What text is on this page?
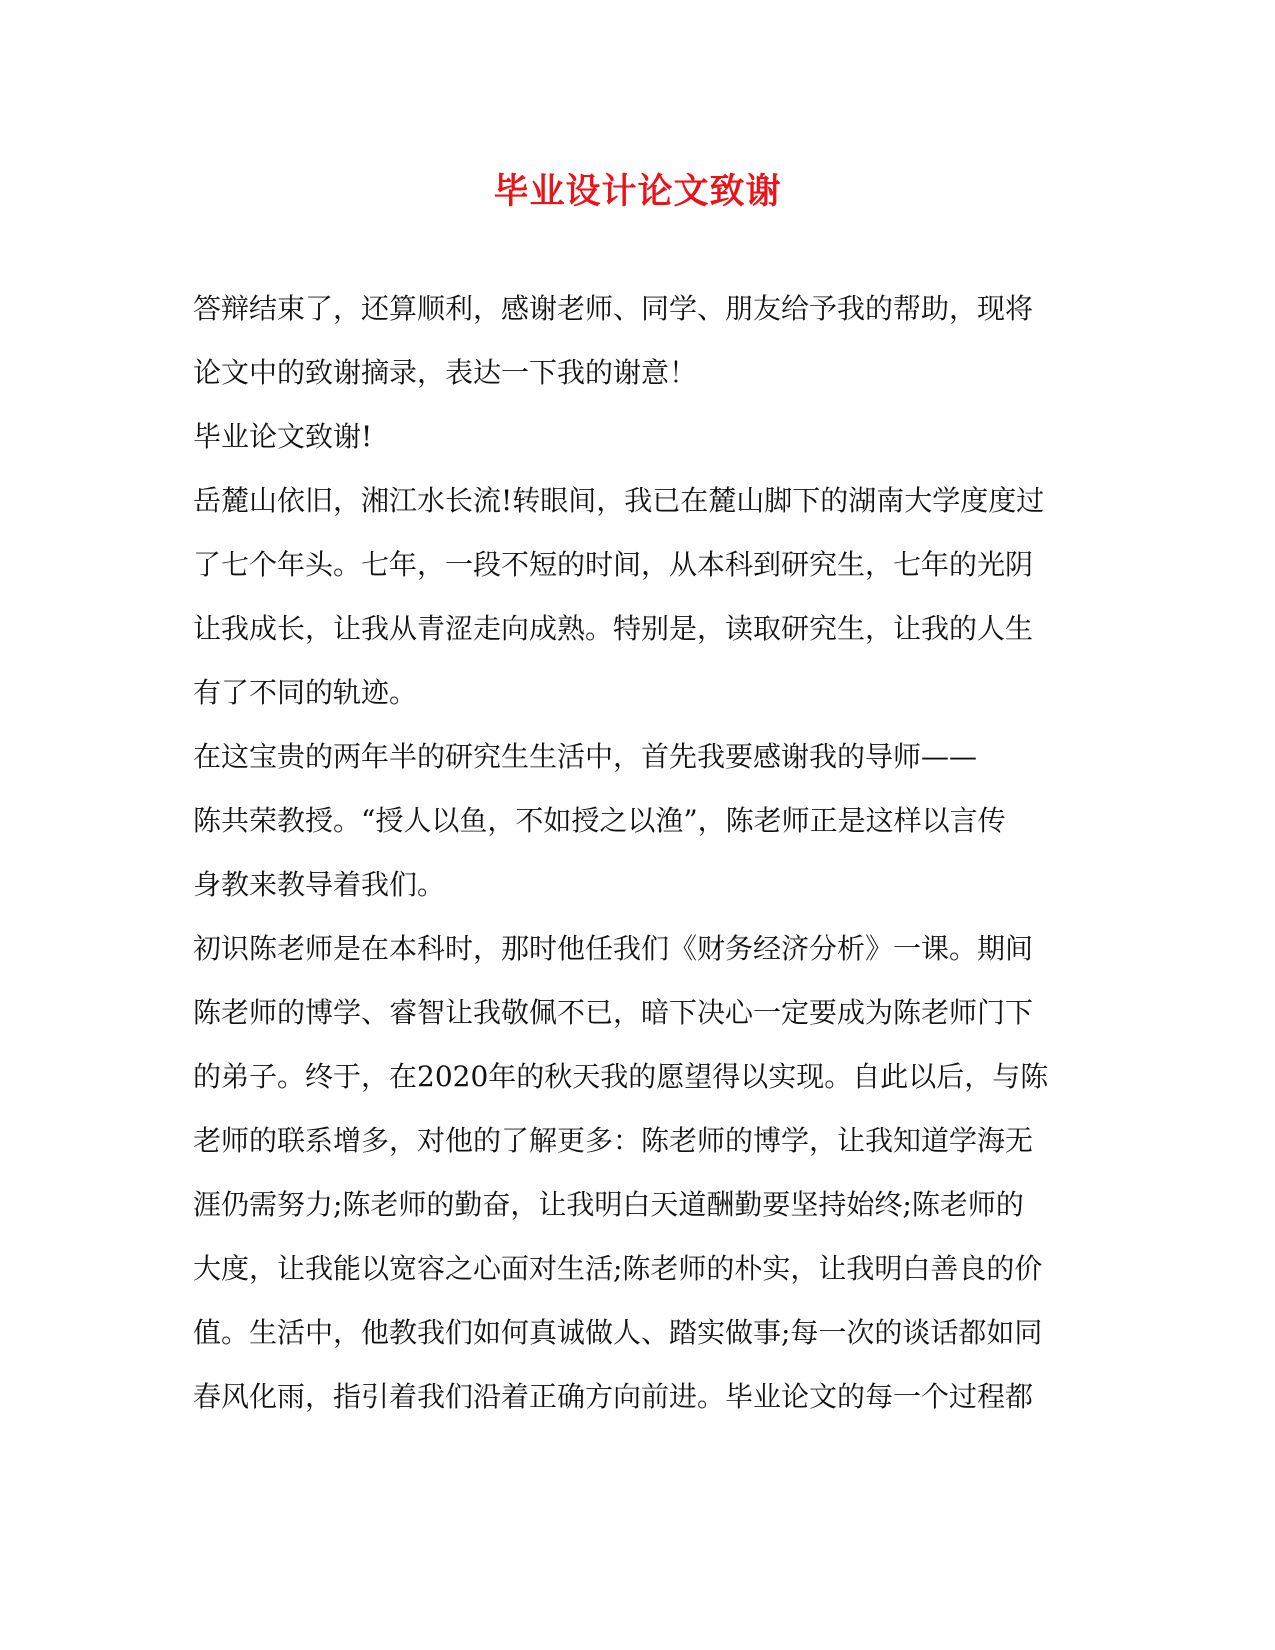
毕业设计论文致谢
答辩结束了，还算顺利，感谢老师、同学、朋友给予我的帮助，现将
论文中的致谢摘录，表达一下我的谢意！
毕业论文致谢!
岳麓山依旧，湘江水长流!转眼间，我已在麓山脚下的湖南大学度度过
了七个年头。七年，一段不短的时间，从本科到研究生，七年的光阴
让我成长，让我从青涩走向成熟。特别是，读取研究生，让我的人生
有了不同的轨迹。
在这宝贵的两年半的研究生生活中，首先我要感谢我的导师——
陈共荣教授。“授人以鱼，不如授之以渔”，陈老师正是这样以言传
身教来教导着我们。
初识陈老师是在本科时，那时他任我们《财务经济分析》一课。期间
陈老师的博学、睿智让我敬佩不已，暗下决心一定要成为陈老师门下
的弟子。终于，在2020年的秋天我的愿望得以实现。自此以后，与陈
老师的联系增多，对他的了解更多：陈老师的博学，让我知道学海无
涯仍需努力;陈老师的勤奋，让我明白天道酬勤要坚持始终;陈老师的
大度，让我能以宽容之心面对生活;陈老师的朴实，让我明白善良的价
值。生活中，他教我们如何真诚做人、踏实做事;每一次的谈话都如同
春风化雨，指引着我们沿着正确方向前进。毕业论文的每一个过程都
